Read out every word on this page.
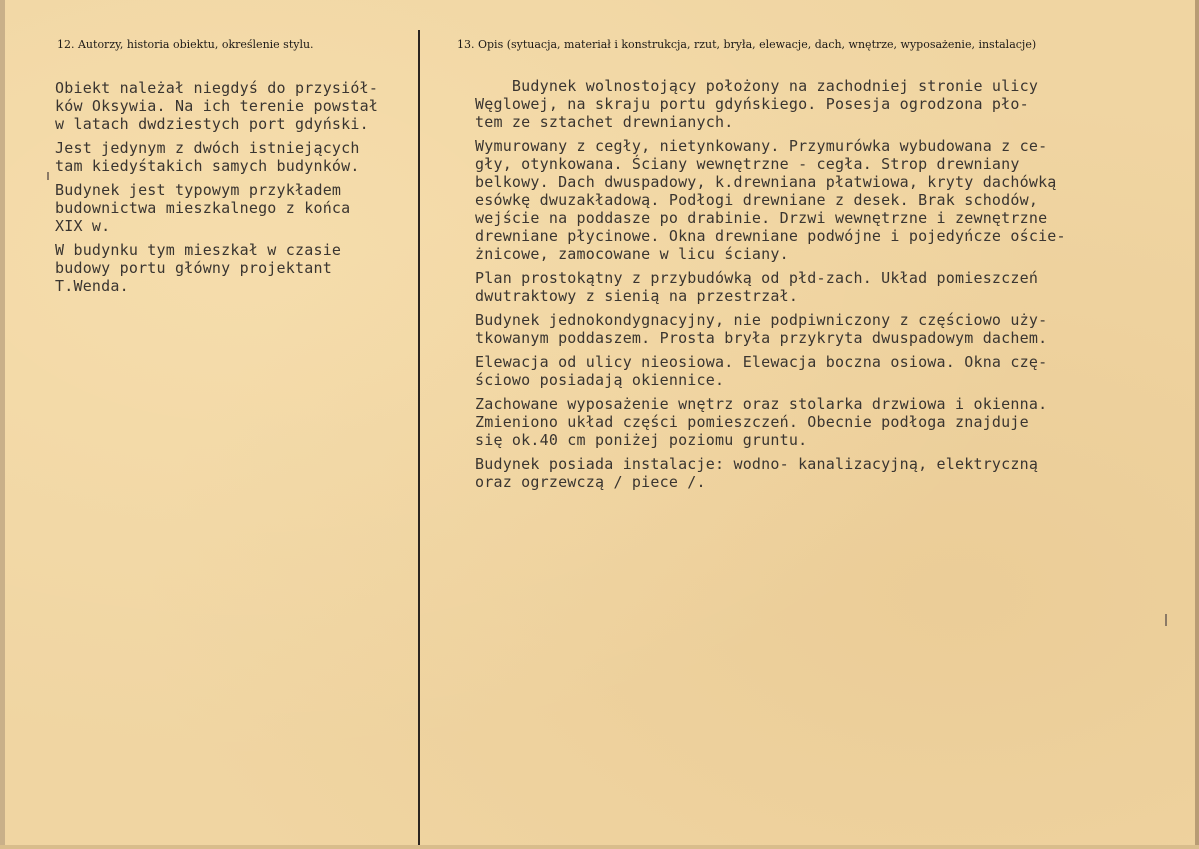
12. Autorzy, historia obiektu, określenie stylu.	13. Opis (sytuacja, materiał i konstrukcja, rzut, bryła, elewacje, dach, wnętrze, wyposażenie, instalacje)
Obiekt należał niegdyś do przysiół-
ków Oksywia. Na ich terenie powstał
w latach dwdziestych port gdyński.
Jest jedynym z dwóch istniejących
tam kiedyśtakich samych budynków.
Budynek jest typowym przykładem
budownictwa mieszkalnego z końca
XIX w.
W budynku tym mieszkał w czasie
budowy portu główny projektant
T.Wenda.
Budynek wolnostojący położony na zachodniej stronie ulicy
Węglowej, na skraju portu gdyńskiego. Posesja ogrodzona pło-
tem ze sztachet drewnianych.
Wymurowany z cegły, nietynkowany. Przymurówka wybudowana z ce-
gły, otynkowana. Ściany wewnętrzne - cegła. Strop drewniany
belkowy. Dach dwuspadowy, k.drewniana płatwiowa, kryty dachówką
esówkę dwuzakładową. Podłogi drewniane z desek. Brak schodów,
wejście na poddasze po drabinie. Drzwi wewnętrzne i zewnętrzne
drewniane płycinowe. Okna drewniane podwójne i pojedyńcze oście-
żnicowe, zamocowane w licu ściany.
Plan prostokątny z przybudówką od płd-zach. Układ pomieszczeń
dwutraktowy z sienią na przestrzał.
Budynek jednokondygnacyjny, nie podpiwniczony z częściowo uży-
tkowanym poddaszem. Prosta bryła przykryta dwuspadowym dachem.
Elewacja od ulicy nieosiowa. Elewacja boczna osiowa. Okna czę-
ściowo posiadają okiennice.
Zachowane wyposażenie wnętrz oraz stolarka drzwiowa i okienna.
Zmieniono układ części pomieszczeń. Obecnie podłoga znajduje
się ok.40 cm poniżej poziomu gruntu.
Budynek posiada instalacje: wodno- kanalizacyjną, elektryczną
oraz ogrzewczą / piece /.
